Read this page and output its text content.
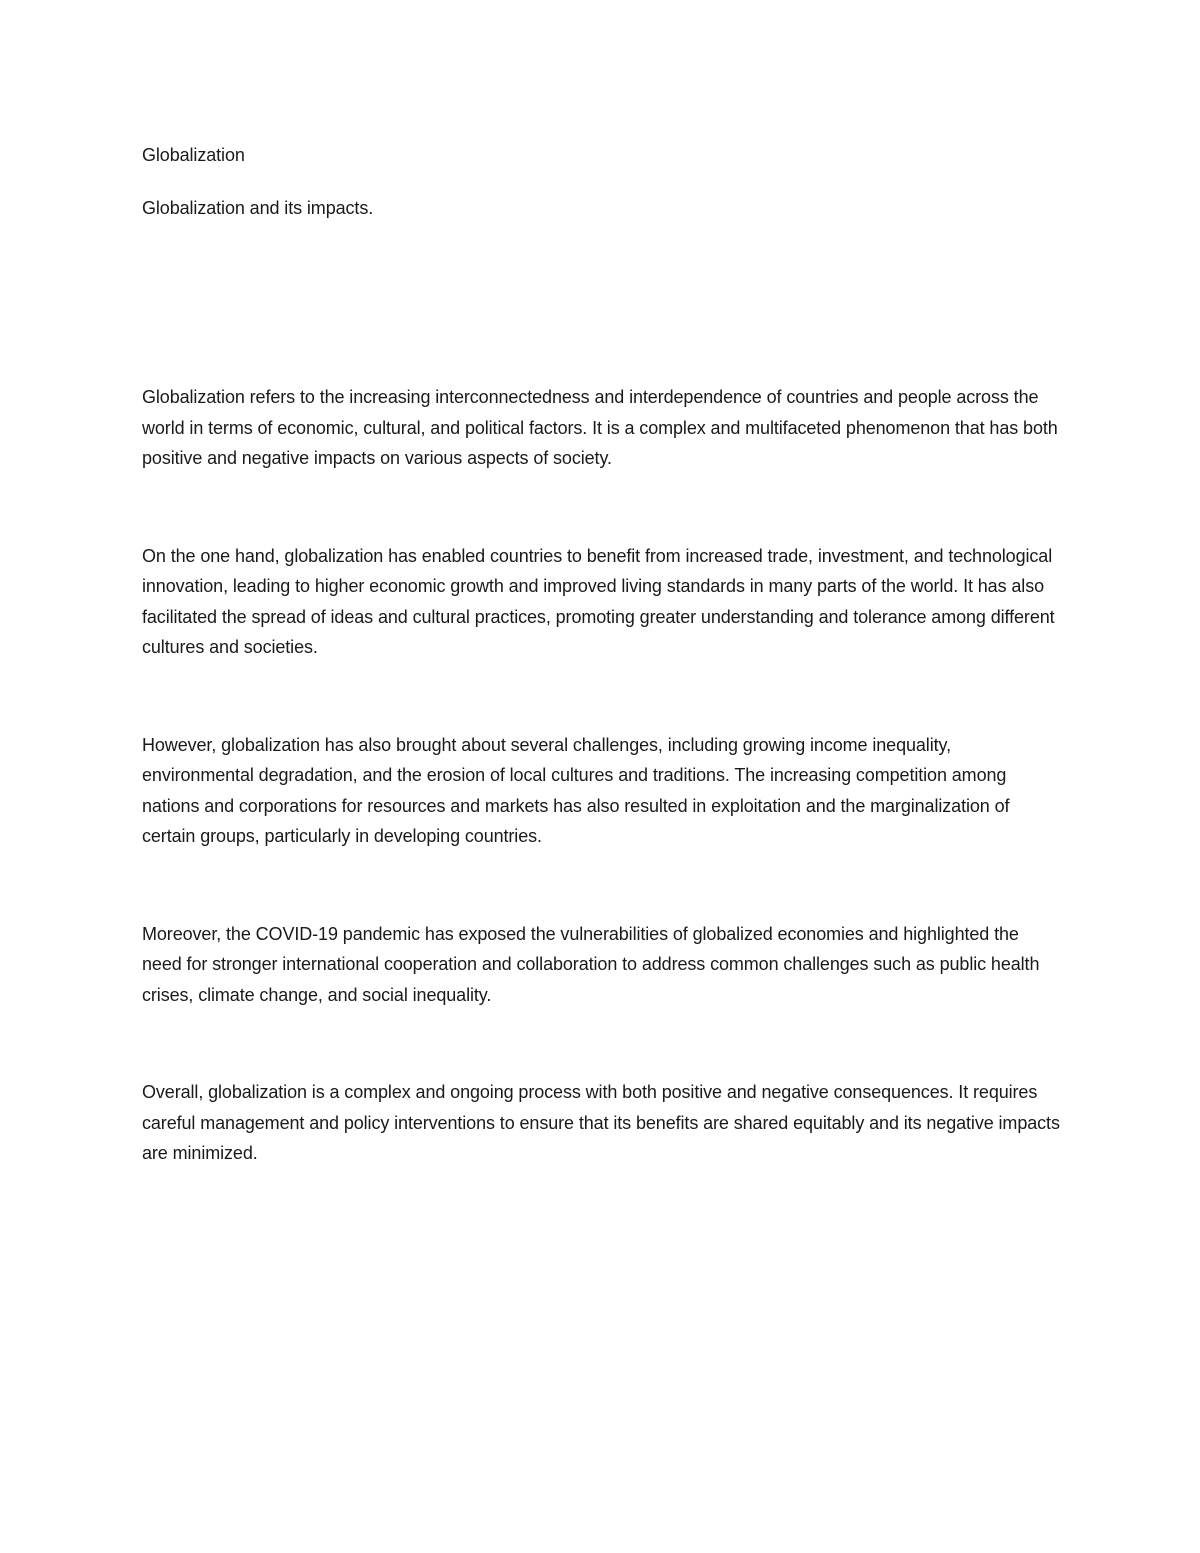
Globalization

Globalization and its impacts.

Globalization refers to the increasing interconnectedness and interdependence of countries and people across the world in terms of economic, cultural, and political factors. It is a complex and multifaceted phenomenon that has both positive and negative impacts on various aspects of society.

On the one hand, globalization has enabled countries to benefit from increased trade, investment, and technological innovation, leading to higher economic growth and improved living standards in many parts of the world. It has also facilitated the spread of ideas and cultural practices, promoting greater understanding and tolerance among different cultures and societies.

However, globalization has also brought about several challenges, including growing income inequality, environmental degradation, and the erosion of local cultures and traditions. The increasing competition among nations and corporations for resources and markets has also resulted in exploitation and the marginalization of certain groups, particularly in developing countries.

Moreover, the COVID-19 pandemic has exposed the vulnerabilities of globalized economies and highlighted the need for stronger international cooperation and collaboration to address common challenges such as public health crises, climate change, and social inequality.

Overall, globalization is a complex and ongoing process with both positive and negative consequences. It requires careful management and policy interventions to ensure that its benefits are shared equitably and its negative impacts are minimized.
